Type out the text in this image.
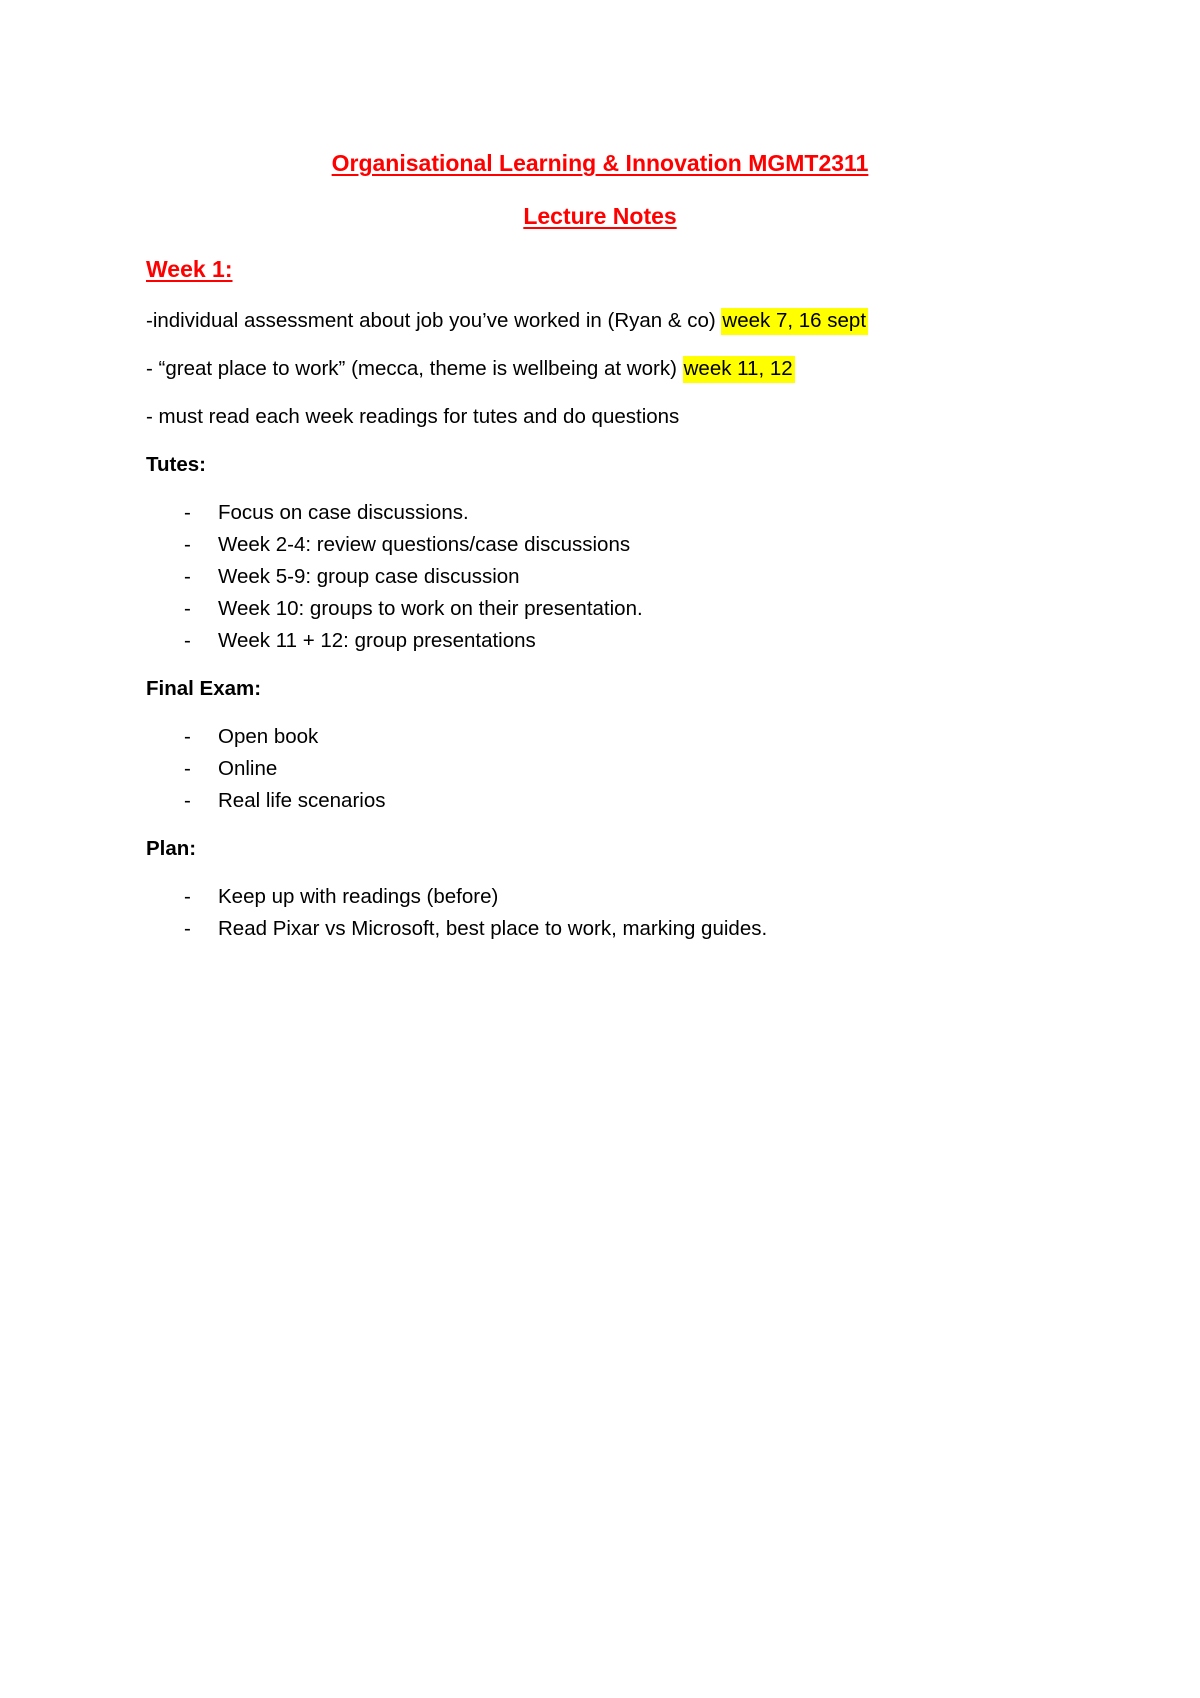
Organisational Learning & Innovation MGMT2311
Lecture Notes
Week 1:
-individual assessment about job you’ve worked in (Ryan & co) week 7, 16 sept
- “great place to work” (mecca, theme is wellbeing at work) week 11, 12
- must read each week readings for tutes and do questions
Tutes:
- Focus on case discussions.
- Week 2-4: review questions/case discussions
- Week 5-9: group case discussion
- Week 10: groups to work on their presentation.
- Week 11 + 12: group presentations
Final Exam:
- Open book
- Online
- Real life scenarios
Plan:
- Keep up with readings (before)
- Read Pixar vs Microsoft, best place to work, marking guides.
